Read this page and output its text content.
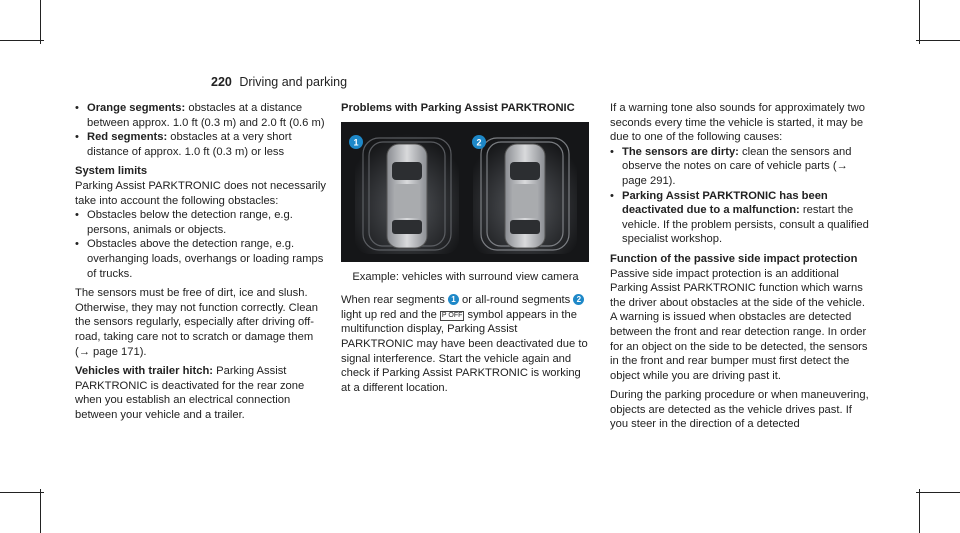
220 Driving and parking
• Orange segments: obstacles at a distance between approx. 1.0 ft (0.3 m) and 2.0 ft (0.6 m)
• Red segments: obstacles at a very short distance of approx. 1.0 ft (0.3 m) or less
System limits
Parking Assist PARKTRONIC does not necessarily take into account the following obstacles:
• Obstacles below the detection range, e.g. persons, animals or objects.
• Obstacles above the detection range, e.g. overhanging loads, overhangs or loading ramps of trucks.
The sensors must be free of dirt, ice and slush. Otherwise, they may not function correctly. Clean the sensors regularly, especially after driving off-road, taking care not to scratch or damage them (→ page 171).
Vehicles with trailer hitch: Parking Assist PARKTRONIC is deactivated for the rear zone when you establish an electrical connection between your vehicle and a trailer.
Problems with Parking Assist PARKTRONIC
1	2
Example: vehicles with surround view camera
When rear segments 1 or all-round segments 2 light up red and the P OFF symbol appears in the multifunction display, Parking Assist PARKTRONIC may have been deactivated due to signal interference. Start the vehicle again and check if Parking Assist PARKTRONIC is working at a different location.
If a warning tone also sounds for approximately two seconds every time the vehicle is started, it may be due to one of the following causes:
• The sensors are dirty: clean the sensors and observe the notes on care of vehicle parts (→ page 291).
• Parking Assist PARKTRONIC has been deactivated due to a malfunction: restart the vehicle. If the problem persists, consult a qualified specialist workshop.
Function of the passive side impact protection
Passive side impact protection is an additional Parking Assist PARKTRONIC function which warns the driver about obstacles at the side of the vehicle. A warning is issued when obstacles are detected between the front and rear detection range. In order for an object on the side to be detected, the sensors in the front and rear bumper must first detect the object while you are driving past it.
During the parking procedure or when maneuvering, objects are detected as the vehicle drives past. If you steer in the direction of a detected
